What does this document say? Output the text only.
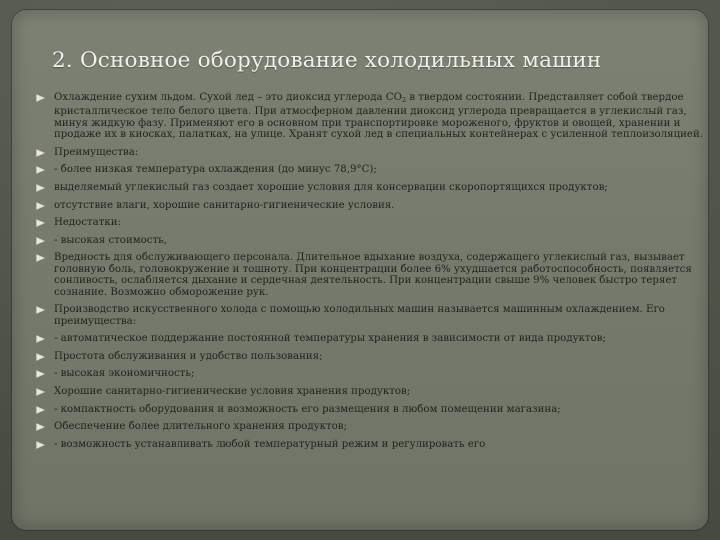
2. Основное оборудование холодильных машин
Охлаждение сухим льдом. Сухой лед – это диоксид углерода $СО_2$ в твердом состоянии. Представляет собой твердое кристаллическое тело белого цвета. При атмосферном давлении диоксид углерода превращается в углекислый газ, минуя жидкую фазу. Применяют его в основном при транспортировке мороженого, фруктов и овощей, хранении и продаже их в киосках, палатках, на улице. Хранят сухой лед в специальных контейнерах с усиленной теплоизоляцией.
Преимущества:
- более низкая температура охлаждения (до минус 78,9°С);
выделяемый углекислый газ создает хорошие условия для консервации скоропортящихся продуктов;
отсутствие влаги, хорошие санитарно-гигиенические условия.
Недостатки:
- высокая стоимость,
Вредность для обслуживающего персонала. Длительное вдыхание воздуха, содержащего углекислый газ, вызывает головную боль, головокружение и тошноту. При концентрации более 6% ухудшается работоспособность, появляется сонливость, ослабляется дыхание и сердечная деятельность. При концентрации свыше 9% человек быстро теряет сознание. Возможно обморожение рук.
Производство искусственного холода с помощью холодильных машин называется машинным охлаждением. Его преимущества:
- автоматическое поддержание постоянной температуры хранения в зависимости от вида продуктов;
Простота обслуживания и удобство пользования;
- высокая экономичность;
Хорошие санитарно-гигиенические условия хранения продуктов;
- компактность оборудования и возможность его размещения в любом помещении магазина;
Обеспечение более длительного хранения продуктов;
- возможность устанавливать любой температурный режим и регулировать его
